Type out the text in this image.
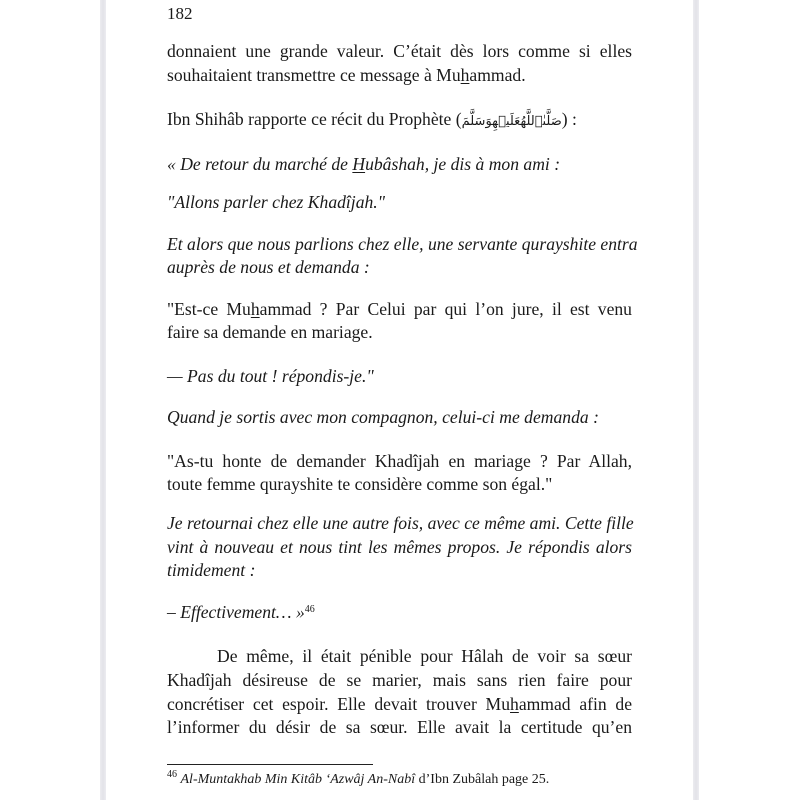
182
donnaient une grande valeur. C’était dès lors comme si elles
souhaitaient transmettre ce message à Muhammad.
Ibn Shihâb rapporte ce récit du Prophète (صَلَّىٰٱللَّهُعَلَيۡهِوَسَلَّمَ) :
« De retour du marché de Hubâshah, je dis à mon ami :
"Allons parler chez Khadîjah."
Et alors que nous parlions chez elle, une servante qurayshite entra
auprès de nous et demanda :
"Est-ce Muhammad ? Par Celui par qui l’on jure, il est venu
faire sa demande en mariage.
— Pas du tout ! répondis-je."
Quand je sortis avec mon compagnon, celui-ci me demanda :
"As-tu honte de demander Khadîjah en mariage ? Par Allah,
toute femme qurayshite te considère comme son égal."
Je retournai chez elle une autre fois, avec ce même ami. Cette fille
vint à nouveau et nous tint les mêmes propos. Je répondis alors
timidement :
– Effectivement… »$^{46}$
De même, il était pénible pour Hâlah de voir sa sœur
Khadîjah désireuse de se marier, mais sans rien faire pour
concrétiser cet espoir. Elle devait trouver Muhammad afin de
l’informer du désir de sa sœur. Elle avait la certitude qu’en
$^{46}$ Al-Muntakhab Min Kitâb ‘Azwâj An-Nabî d’Ibn Zubâlah page 25.
